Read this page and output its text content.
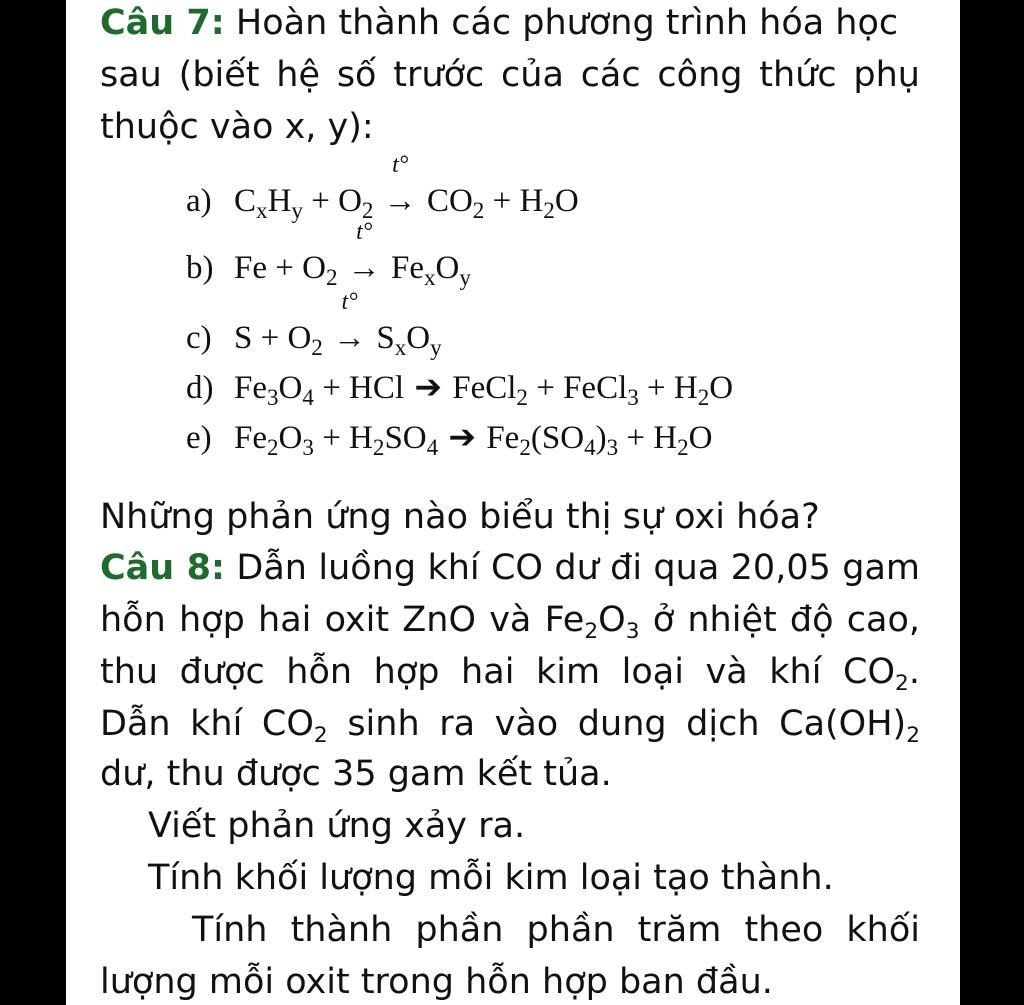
Câu 7: Hoàn thành các phương trình hóa học
sau (biết hệ số trước của các công thức phụ
thuộc vào x, y):
a) $C_xH_y + O_2$
t°
→ $CO_2 + H_2O$
b) $Fe + O_2$
t°
→ $Fe_xO_y$
c) $S + O_2$
t°
→ $S_xO_y$
d) $Fe_3O_4$ + HCl ➔ FeCl$_2$ + FeCl$_3$ + $H_2O$
e) $Fe_2O_3 + H_2SO_4$ ➔ $Fe_2(SO_4)_3 + H_2O$
Những phản ứng nào biểu thị sự oxi hóa?
Câu 8: Dẫn luồng khí CO dư đi qua 20,05 gam
hỗn hợp hai oxit ZnO và $Fe_2O_3$ ở nhiệt độ cao,
thu được hỗn hợp hai kim loại và khí $CO_2$.
Dẫn khí $CO_2$ sinh ra vào dung dịch $Ca(OH)_2$
dư, thu được 35 gam kết tủa.
Viết phản ứng xảy ra.
Tính khối lượng mỗi kim loại tạo thành.
Tính thành phần phần trăm theo khối
lượng mỗi oxit trong hỗn hợp ban đầu.
